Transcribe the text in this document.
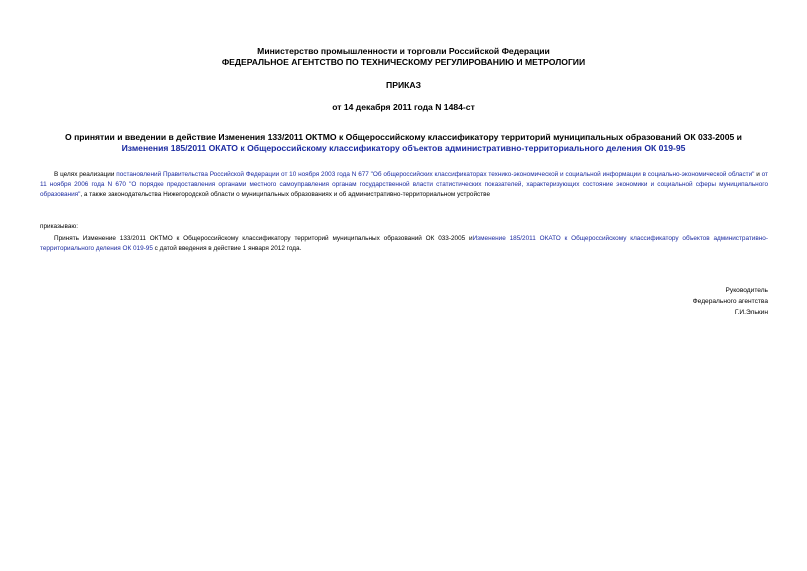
Министерство промышленности и торговли Российской Федерации
ФЕДЕРАЛЬНОЕ АГЕНТСТВО ПО ТЕХНИЧЕСКОМУ РЕГУЛИРОВАНИЮ И МЕТРОЛОГИИ
ПРИКАЗ
от 14 декабря 2011 года N 1484-ст
О принятии и введении в действие Изменения 133/2011 ОКТМО к Общероссийскому классификатору территорий муниципальных образований ОК 033-2005 и
Изменения 185/2011 ОКАТО к Общероссийскому классификатору объектов административно-территориального деления ОК 019-95
В целях реализации постановлений Правительства Российской Федерации от 10 ноября 2003 года N 677 "Об общероссийских классификаторах технико-экономической и социальной информации в социально-экономической области" и от 11 ноября 2006 года N 670 "О порядке предоставления органами местного самоуправления органам государственной власти статистических показателей, характеризующих состояние экономики и социальной сферы муниципального образования", а также законодательства Нижегородской области о муниципальных образованиях и об административно-территориальном устройстве
приказываю:
Принять Изменение 133/2011 ОКТМО к Общероссийскому классификатору территорий муниципальных образований ОК 033-2005 иИзменение 185/2011 ОКАТО к Общероссийскому классификатору объектов административно-территориального деления ОК 019-95 с датой введения в действие 1 января 2012 года.
Руководитель
Федерального агентства
Г.И.Элькин
